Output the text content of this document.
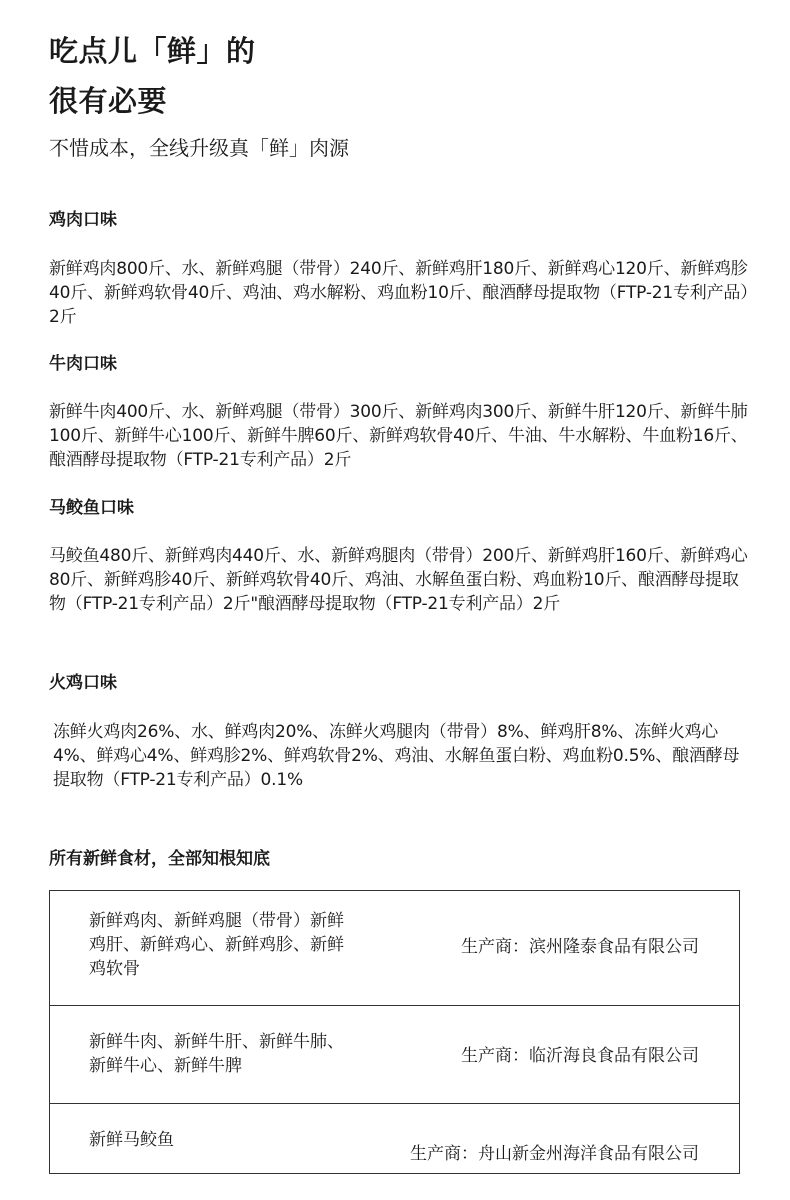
吃点儿「鲜」的
很有必要

不惜成本，全线升级真「鲜」肉源

鸡肉口味

新鲜鸡肉800斤、水、新鲜鸡腿（带骨）240斤、新鲜鸡肝180斤、新鲜鸡心120斤、新鲜鸡胗40斤、新鲜鸡软骨40斤、鸡油、鸡水解粉、鸡血粉10斤、酿酒酵母提取物（FTP-21专利产品）2斤

牛肉口味

新鲜牛肉400斤、水、新鲜鸡腿（带骨）300斤、新鲜鸡肉300斤、新鲜牛肝120斤、新鲜牛肺100斤、新鲜牛心100斤、新鲜牛脾60斤、新鲜鸡软骨40斤、牛油、牛水解粉、牛血粉16斤、酿酒酵母提取物（FTP-21专利产品）2斤

马鲛鱼口味

马鲛鱼480斤、新鲜鸡肉440斤、水、新鲜鸡腿肉（带骨）200斤、新鲜鸡肝160斤、新鲜鸡心80斤、新鲜鸡胗40斤、新鲜鸡软骨40斤、鸡油、水解鱼蛋白粉、鸡血粉10斤、酿酒酵母提取物（FTP-21专利产品）2斤"酿酒酵母提取物（FTP-21专利产品）2斤

火鸡口味

冻鲜火鸡肉26%、水、鲜鸡肉20%、冻鲜火鸡腿肉（带骨）8%、鲜鸡肝8%、冻鲜火鸡心4%、鲜鸡心4%、鲜鸡胗2%、鲜鸡软骨2%、鸡油、水解鱼蛋白粉、鸡血粉0.5%、酿酒酵母提取物（FTP-21专利产品）0.1%

所有新鲜食材，全部知根知底
新鲜鸡肉、新鲜鸡腿（带骨）新鲜鸡肝、新鲜鸡心、新鲜鸡胗、新鲜鸡软骨
生产商：滨州隆泰食品有限公司
新鲜牛肉、新鲜牛肝、新鲜牛肺、新鲜牛心、新鲜牛脾	生产商：临沂海良食品有限公司
新鲜马鲛鱼
生产商：舟山新金州海洋食品有限公司
